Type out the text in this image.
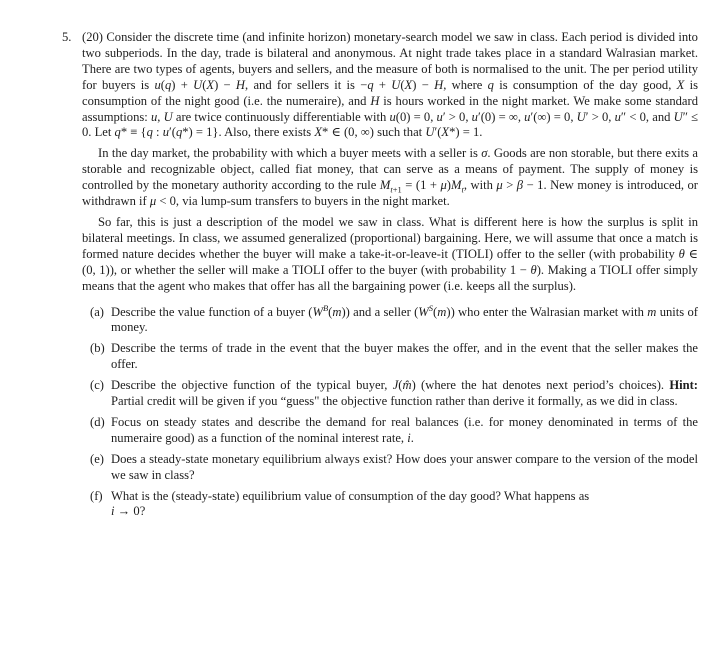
5. (20) Consider the discrete time (and infinite horizon) monetary-search model we saw in class. Each period is divided into two subperiods. In the day, trade is bilateral and anonymous. At night trade takes place in a standard Walrasian market. There are two types of agents, buyers and sellers, and the measure of both is normalised to the unit. The per period utility for buyers is u(q) + U(X) − H, and for sellers it is −q + U(X) − H, where q is consumption of the day good, X is consumption of the night good (i.e. the numeraire), and H is hours worked in the night market. We make some standard assumptions: u, U are twice continuously differentiable with u(0) = 0, u′ > 0, u′(0) = ∞, u′(∞) = 0, U′ > 0, u″ < 0, and U″ ≤ 0. Let q* ≡ {q : u′(q*) = 1}. Also, there exists X* ∈ (0, ∞) such that U′(X*) = 1.

In the day market, the probability with which a buyer meets with a seller is σ. Goods are non storable, but there exits a storable and recognizable object, called fiat money, that can serve as a means of payment. The supply of money is controlled by the monetary authority according to the rule $M_{t+1} = (1 + \mu)M_t$, with μ > β − 1. New money is introduced, or withdrawn if μ < 0, via lump-sum transfers to buyers in the night market.

So far, this is just a description of the model we saw in class. What is different here is how the surplus is split in bilateral meetings. In class, we assumed generalized (proportional) bargaining. Here, we will assume that once a match is formed nature decides whether the buyer will make a take-it-or-leave-it (TIOLI) offer to the seller (with probability θ ∈ (0, 1)), or whether the seller will make a TIOLI offer to the buyer (with probability 1 − θ). Making a TIOLI offer simply means that the agent who makes that offer has all the bargaining power (i.e. keeps all the surplus).

(a) Describe the value function of a buyer $(W^B(m))$ and a seller $(W^S(m))$ who enter the Walrasian market with m units of money.
(b) Describe the terms of trade in the event that the buyer makes the offer, and in the event that the seller makes the offer.
(c) Describe the objective function of the typical buyer, J(m̂) (where the hat denotes next period’s choices). Hint: Partial credit will be given if you “guess" the objective function rather than derive it formally, as we did in class.
(d) Focus on steady states and describe the demand for real balances (i.e. for money denominated in terms of the numeraire good) as a function of the nominal interest rate, i.
(e) Does a steady-state monetary equilibrium always exist? How does your answer compare to the version of the model we saw in class?
(f) What is the (steady-state) equilibrium value of consumption of the day good? What happens as
i → 0?
